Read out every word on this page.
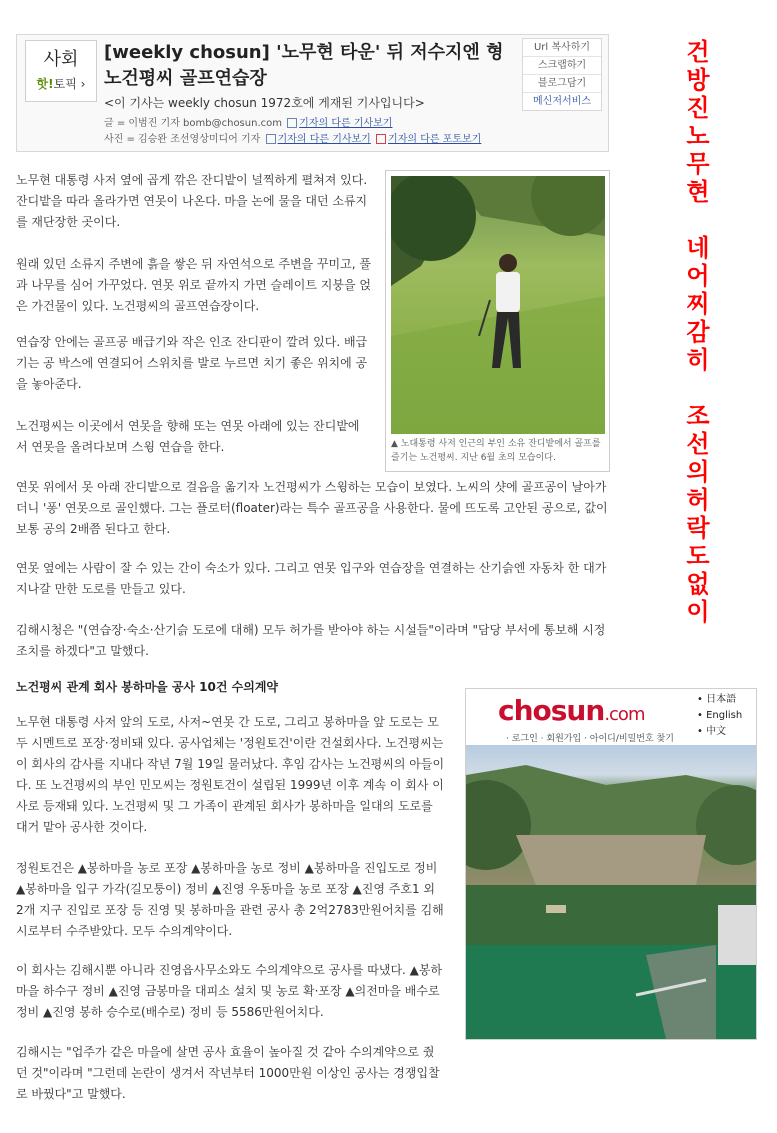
사회
핫!토픽 ›
[weekly chosun] '노무현 타운' 뒤 저수지엔 형 노건평씨 골프연습장
<이 기사는 weekly chosun 1972호에 게재된 기사입니다>
글 = 이범진 기자 bomb@chosun.com 기자의 다른 기사보기
사진 = 김승완 조선영상미디어 기자 기자의 다른 기사보기 기자의 다른 포토보기
Url 복사하기
스크랩하기
블로그담기
메신저서비스
노무현 대통령 사저 옆에 곱게 깎은 잔디밭이 널찍하게 펼쳐져 있다. 잔디밭을 따라 올라가면 연못이 나온다. 마을 논에 물을 대던 소류지를 재단장한 곳이다.
원래 있던 소류지 주변에 흙을 쌓은 뒤 자연석으로 주변을 꾸미고, 풀과 나무를 심어 가꾸었다. 연못 위로 끝까지 가면 슬레이트 지붕을 얹은 가건물이 있다. 노건평씨의 골프연습장이다.
연습장 안에는 골프공 배급기와 작은 인조 잔디판이 깔려 있다. 배급기는 공 박스에 연결되어 스위치를 발로 누르면 치기 좋은 위치에 공을 놓아준다.
노건평씨는 이곳에서 연못을 향해 또는 연못 아래에 있는 잔디밭에서 연못을 올려다보며 스윙 연습을 한다.
연못 위에서 못 아래 잔디밭으로 걸음을 옮기자 노건평씨가 스윙하는 모습이 보였다. 노씨의 샷에 골프공이 날아가더니 '퐁' 연못으로 골인했다. 그는 플로터(floater)라는 특수 골프공을 사용한다. 물에 뜨도록 고안된 공으로, 값이 보통 공의 2배쯤 된다고 한다.
연못 옆에는 사람이 잘 수 있는 간이 숙소가 있다. 그리고 연못 입구와 연습장을 연결하는 산기슭엔 자동차 한 대가 지나갈 만한 도로를 만들고 있다.
김해시청은 "(연습장·숙소·산기슭 도로에 대해) 모두 허가를 받아야 하는 시설들"이라며 "담당 부서에 통보해 시정조치를 하겠다"고 말했다.
노건평씨 관계 회사 봉하마을 공사 10건 수의계약
노무현 대통령 사저 앞의 도로, 사저~연못 간 도로, 그리고 봉하마을 앞 도로는 모두 시멘트로 포장·정비돼 있다. 공사업체는 '정원토건'이란 건설회사다. 노건평씨는 이 회사의 감사를 지내다 작년 7월 19일 물러났다. 후임 감사는 노건평씨의 아들이다. 또 노건평씨의 부인 민모씨는 정원토건이 설립된 1999년 이후 계속 이 회사 이사로 등재돼 있다. 노건평씨 및 그 가족이 관계된 회사가 봉하마을 일대의 도로를 대거 맡아 공사한 것이다.
정원토건은 ▲봉하마을 농로 포장 ▲봉하마을 농로 정비 ▲봉하마을 진입도로 정비 ▲봉하마을 입구 가각(길모퉁이) 정비 ▲진영 우동마을 농로 포장 ▲진영 주호1 외 2개 지구 진입로 포장 등 진영 및 봉하마을 관련 공사 총 2억2783만원어치를 김해시로부터 수주받았다. 모두 수의계약이다.
이 회사는 김해시뿐 아니라 진영읍사무소와도 수의계약으로 공사를 따냈다. ▲봉하마을 하수구 정비 ▲진영 금봉마을 대피소 설치 및 농로 확·포장 ▲의전마을 배수로 정비 ▲진영 봉하 승수로(배수로) 정비 등 5586만원어치다.
김해시는 "업주가 같은 마을에 살면 공사 효율이 높아질 것 같아 수의계약으로 줬던 것"이라며 "그런데 논란이 생겨서 작년부터 1000만원 이상인 공사는 경쟁입찰로 바꿨다"고 말했다.
▲ 노대통령 사저 인근의 부인 소유 잔디밭에서 골프를 즐기는 노건평씨. 지난 6월 초의 모습이다.
건
방
진
노
무
현
네
어
찌
감
히
조
선
의
허
락
도
없
이
chosun.com
• 日本語
• English
• 中文
· 로그인 · 회원가입 · 아이디/비밀번호 찾기
